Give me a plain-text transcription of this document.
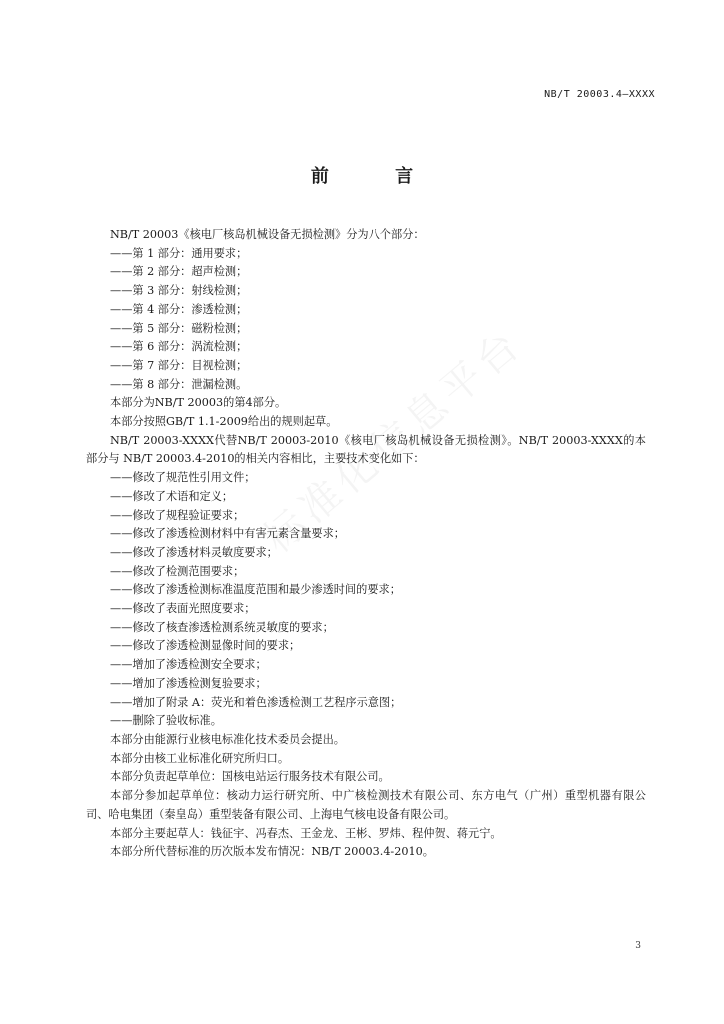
NB/T 20003.4—XXXX
前 言

NB/T 20003《核电厂核岛机械设备无损检测》分为八个部分：

——第 1 部分：通用要求；

——第 2 部分：超声检测；

——第 3 部分：射线检测；

——第 4 部分：渗透检测；

——第 5 部分：磁粉检测；

——第 6 部分：涡流检测；

——第 7 部分：目视检测；

——第 8 部分：泄漏检测。

本部分为NB/T 20003的第4部分。

本部分按照GB/T 1.1-2009给出的规则起草。

NB/T 20003-XXXX代替NB/T 20003-2010《核电厂核岛机械设备无损检测》。NB/T 20003-XXXX的本部分与 NB/T 20003.4-2010的相关内容相比，主要技术变化如下：

——修改了规范性引用文件；

——修改了术语和定义；

——修改了规程验证要求；

——修改了渗透检测材料中有害元素含量要求；

——修改了渗透材料灵敏度要求；

——修改了检测范围要求；

——修改了渗透检测标准温度范围和最少渗透时间的要求；

——修改了表面光照度要求；

——修改了核查渗透检测系统灵敏度的要求；

——修改了渗透检测显像时间的要求；

——增加了渗透检测安全要求；

——增加了渗透检测复验要求；

——增加了附录 A：荧光和着色渗透检测工艺程序示意图；

——删除了验收标准。

本部分由能源行业核电标准化技术委员会提出。

本部分由核工业标准化研究所归口。

本部分负责起草单位：国核电站运行服务技术有限公司。

本部分参加起草单位：核动力运行研究所、中广核检测技术有限公司、东方电气（广州）重型机器有限公司、哈电集团（秦皇岛）重型装备有限公司、上海电气核电设备有限公司。

本部分主要起草人：钱征宇、冯春杰、王金龙、王彬、罗炜、程仲贺、蒋元宁。

本部分所代替标准的历次版本发布情况：NB/T 20003.4-2010。

3
